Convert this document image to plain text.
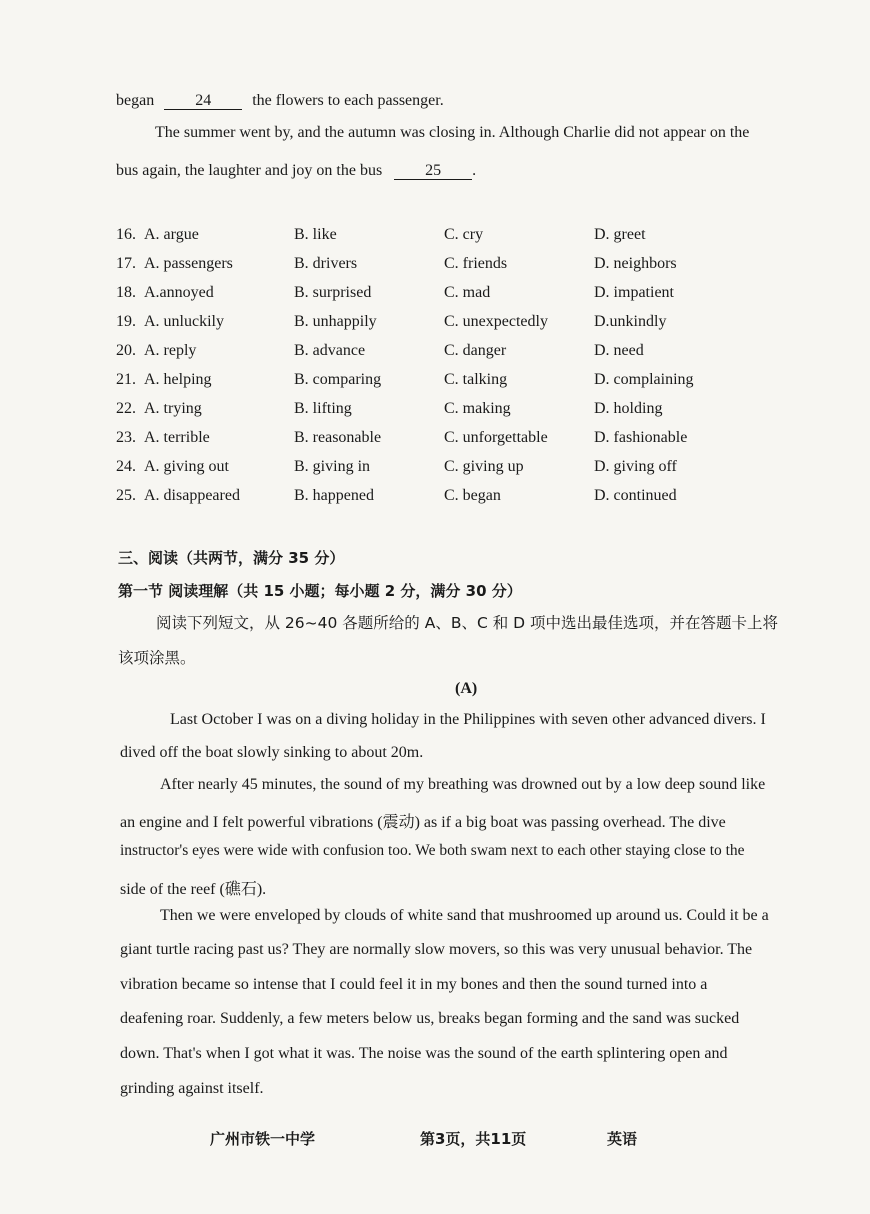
began	24	the flowers to each passenger.
The summer went by, and the autumn was closing in. Although Charlie did not appear on the
bus again, the laughter and joy on the bus	25 .
16. A. argue	B. like	C. cry	D. greet
17. A. passengers	B. drivers	C. friends	D. neighbors
18. A.annoyed	B. surprised	C. mad	D. impatient
19. A. unluckily	B. unhappily	C. unexpectedly	D.unkindly
20. A. reply	B. advance	C. danger	D. need
21. A. helping	B. comparing	C. talking	D. complaining
22. A. trying	B. lifting	C. making	D. holding
23. A. terrible	B. reasonable	C. unforgettable	D. fashionable
24. A. giving out	B. giving in	C. giving up	D. giving off
25. A. disappeared	B. happened	C. began	D. continued
三、阅读（共两节，满分 35 分）
第一节 阅读理解（共 15 小题；每小题 2 分，满分 30 分）
阅读下列短文，从 26~40 各题所给的 A、B、C 和 D 项中选出最佳选项，并在答题卡上将
该项涂黑。
(A)
Last October I was on a diving holiday in the Philippines with seven other advanced divers. I
dived off the boat slowly sinking to about 20m.
After nearly 45 minutes, the sound of my breathing was drowned out by a low deep sound like
an engine and I felt powerful vibrations (震动) as if a big boat was passing overhead. The dive
instructor's eyes were wide with confusion too. We both swam next to each other staying close to the
side of the reef (礁石).
Then we were enveloped by clouds of white sand that mushroomed up around us. Could it be a
giant turtle racing past us? They are normally slow movers, so this was very unusual behavior. The
vibration became so intense that I could feel it in my bones and then the sound turned into a
deafening roar. Suddenly, a few meters below us, breaks began forming and the sand was sucked
down. That's when I got what it was. The noise was the sound of the earth splintering open and
grinding against itself.
广州市铁一中学	第3页，共11页	英语
